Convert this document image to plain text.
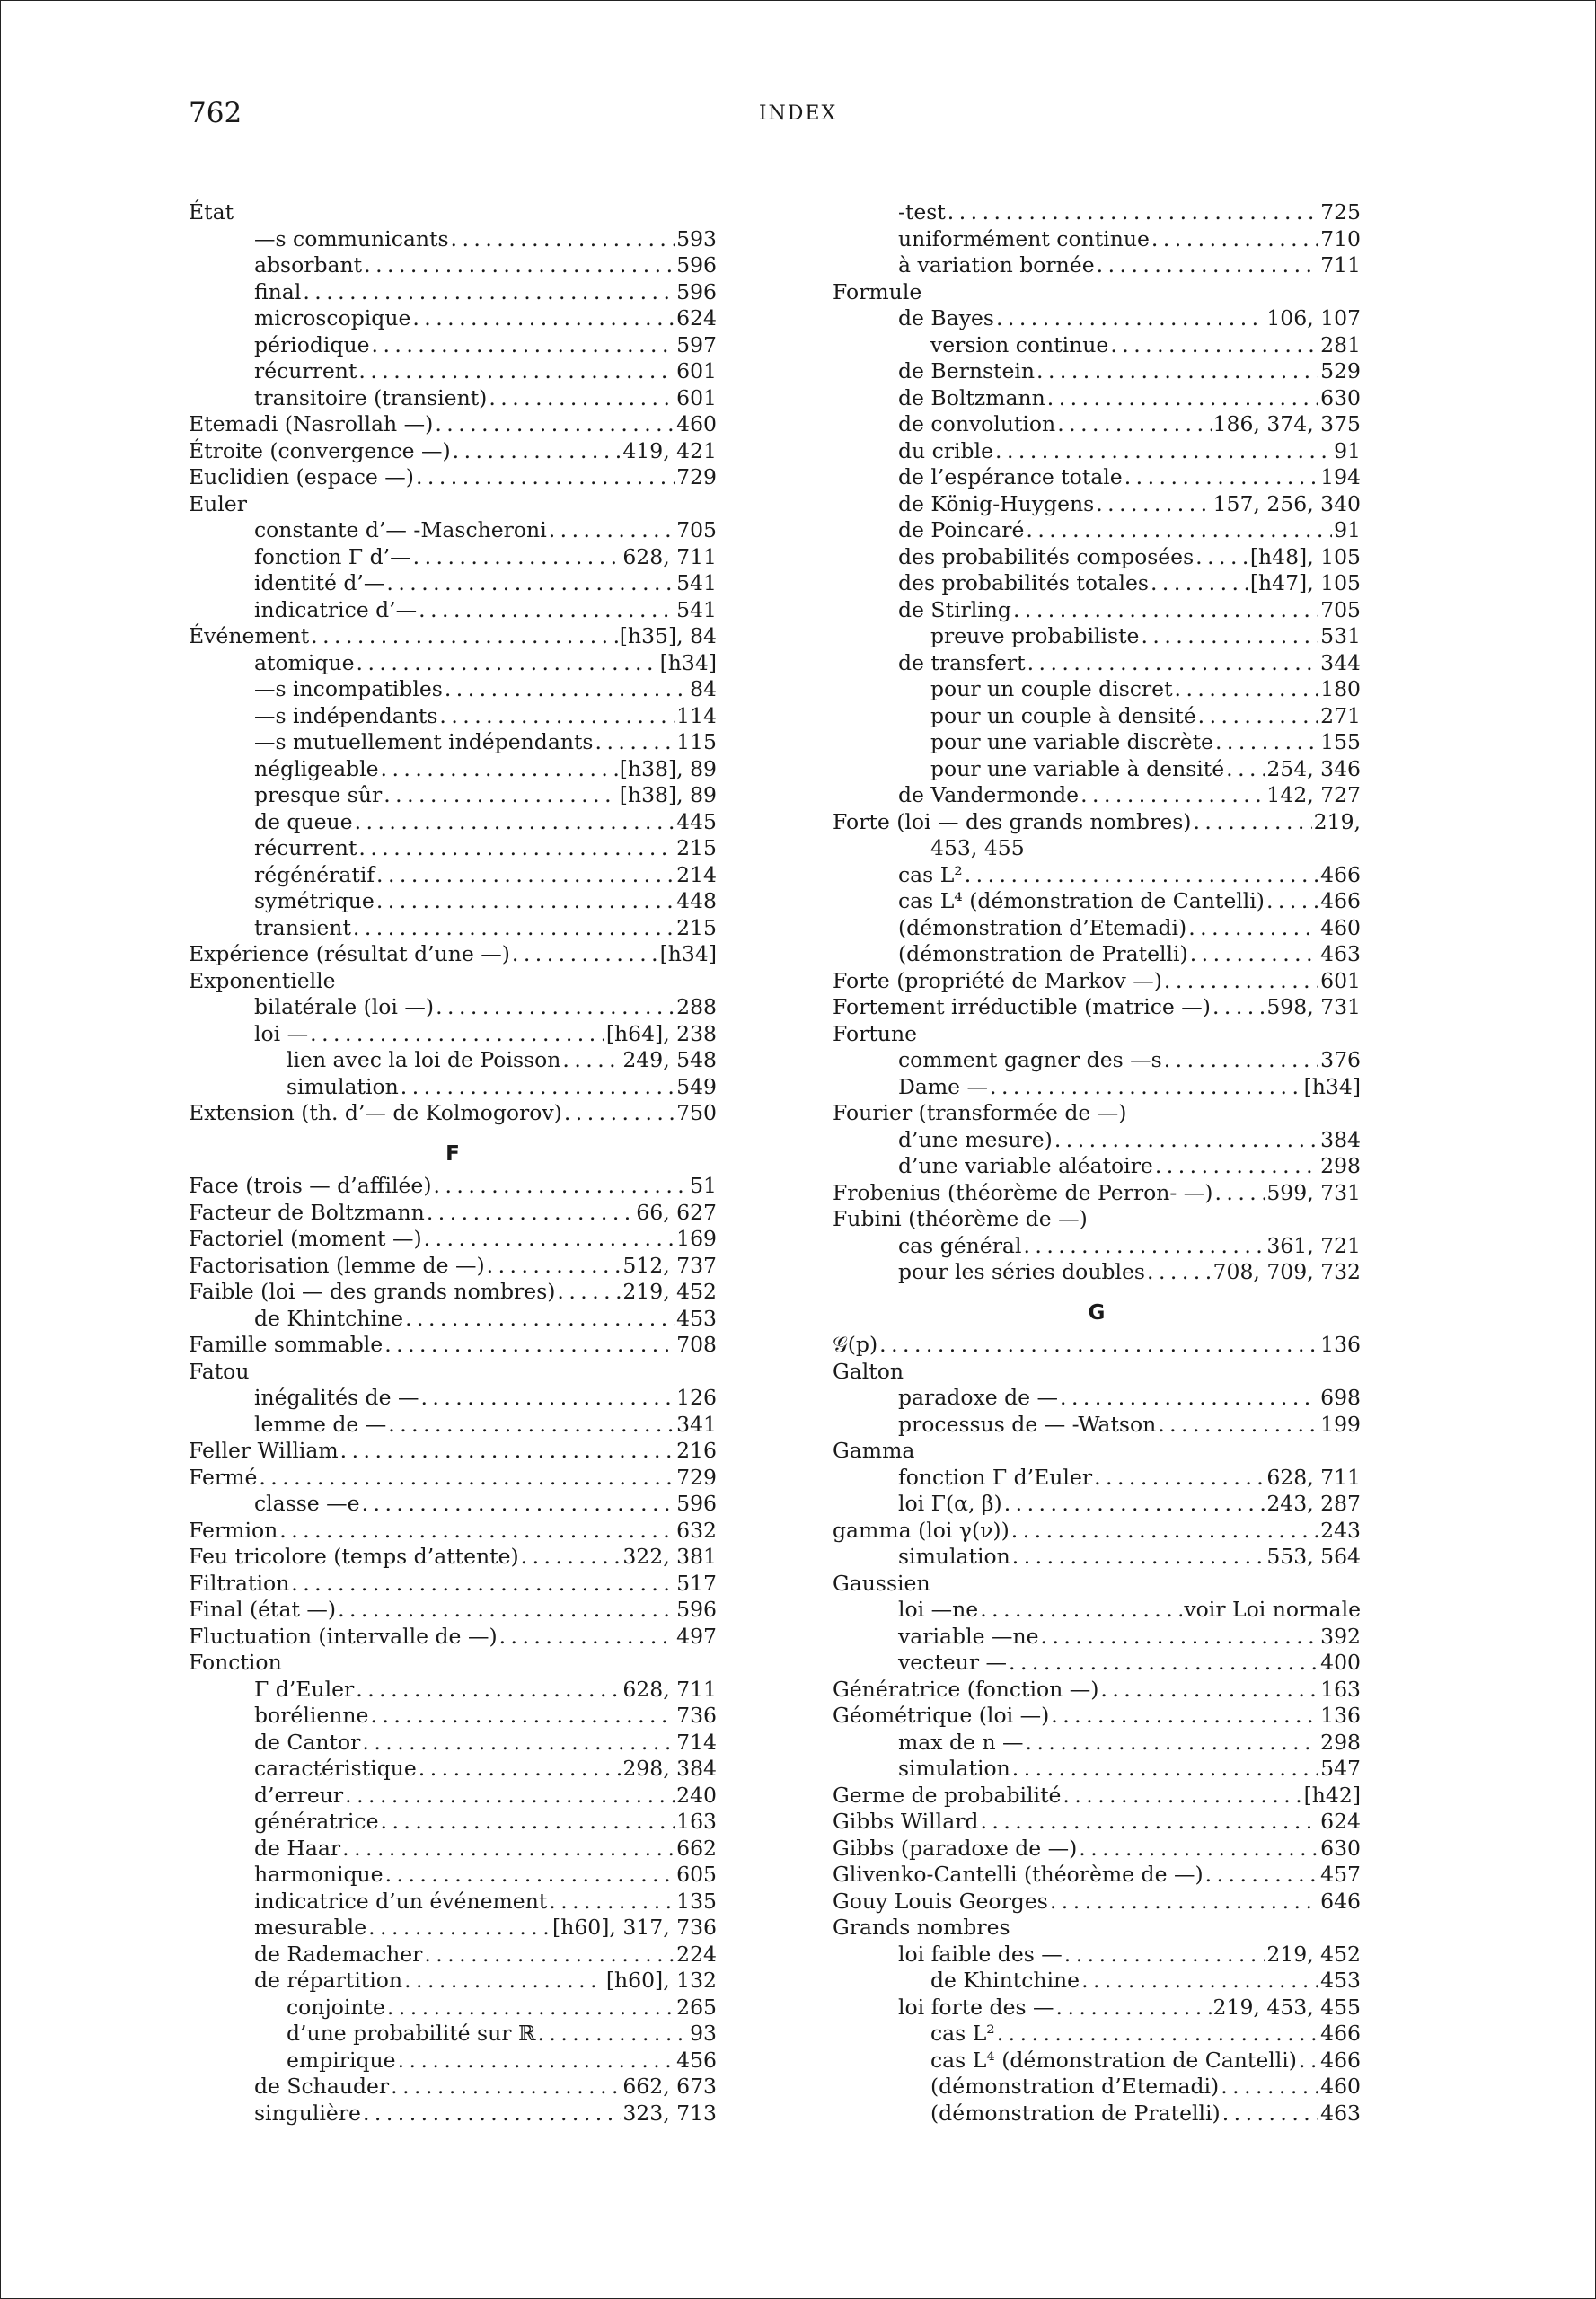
762	INDEX
État
—s communicants . . .	593
absorbant . . .	596
final . . .	596
microscopique . . .	624
périodique . . .	597
récurrent . . .	601
transitoire (transient) . . .	601
Etemadi (Nasrollah —) . . .	460
Étroite (convergence —) . . .	419, 421
Euclidien (espace —) . . .	729
Euler
constante d’— -Mascheroni . . .	705
fonction Γ d’— . . .	628, 711
identité d’— . . .	541
indicatrice d’— . . .	541
Événement . . .	[h35], 84
atomique . . .	[h34]
—s incompatibles . . .	84
—s indépendants . . .	114
—s mutuellement indépendants . . .	115
négligeable . . .	[h38], 89
presque sûr . . .	[h38], 89
de queue . . .	445
récurrent . . .	215
régénératif . . .	214
symétrique . . .	448
transient . . .	215
Expérience (résultat d’une —) . . .	[h34]
Exponentielle
bilatérale (loi —) . . .	288
loi — . . .	[h64], 238
lien avec la loi de Poisson . . .	249, 548
simulation . . .	549
Extension (th. d’— de Kolmogorov) . . .	750
F
Face (trois — d’affilée) . . .	51
Facteur de Boltzmann . . .	66, 627
Factoriel (moment —) . . .	169
Factorisation (lemme de —) . . .	512, 737
Faible (loi — des grands nombres) . . .	219, 452
de Khintchine . . .	453
Famille sommable . . .	708
Fatou
inégalités de — . . .	126
lemme de — . . .	341
Feller William . . .	216
Fermé . . .	729
classe —e . . .	596
Fermion . . .	632
Feu tricolore (temps d’attente) . . .	322, 381
Filtration . . .	517
Final (état —) . . .	596
Fluctuation (intervalle de —) . . .	497
Fonction
Γ d’Euler . . .	628, 711
borélienne . . .	736
de Cantor . . .	714
caractéristique . . .	298, 384
d’erreur . . .	240
génératrice . . .	163
de Haar . . .	662
harmonique . . .	605
indicatrice d’un événement . . .	135
mesurable . . .	[h60], 317, 736
de Rademacher . . .	224
de répartition . . .	[h60], 132
conjointe . . .	265
d’une probabilité sur ℝ . . .	93
empirique . . .	456
de Schauder . . .	662, 673
singulière . . .	323, 713
-test . . .	725
uniformément continue . . .	710
à variation bornée . . .	711
Formule
de Bayes . . .	106, 107
version continue . . .	281
de Bernstein . . .	529
de Boltzmann . . .	630
de convolution . . .	186, 374, 375
du crible . . .	91
de l’espérance totale . . .	194
de König-Huygens . . .	157, 256, 340
de Poincaré . . .	91
des probabilités composées . . .	[h48], 105
des probabilités totales . . .	[h47], 105
de Stirling . . .	705
preuve probabiliste . . .	531
de transfert . . .	344
pour un couple discret . . .	180
pour un couple à densité . . .	271
pour une variable discrète . . .	155
pour une variable à densité . . . 254, 346
de Vandermonde . . .	142, 727
Forte (loi — des grands nombres) . . .	219,
453, 455
cas L² . . .	466
cas L⁴ (démonstration de Cantelli) . . .	466
(démonstration d’Etemadi) . . .	460
(démonstration de Pratelli) . . .	463
Forte (propriété de Markov —) . . .	601
Fortement irréductible (matrice —) . . .	598, 731
Fortune
comment gagner des —s . . .	376
Dame — . . .	[h34]
Fourier (transformée de —)
d’une mesure) . . .	384
d’une variable aléatoire . . .	298
Frobenius (théorème de Perron- —) . . .	599, 731
Fubini (théorème de —)
cas général . . .	361, 721
pour les séries doubles . . .	708, 709, 732
G
𝒢(p) . . .	136
Galton
paradoxe de — . . .	698
processus de — -Watson . . .	199
Gamma
fonction Γ d’Euler . . .	628, 711
loi Γ(α, β) . . .	243, 287
gamma (loi γ(ν)) . . .	243
simulation . . .	553, 564
Gaussien
loi —ne . . .	voir Loi normale
variable —ne . . .	392
vecteur — . . .	400
Génératrice (fonction —) . . .	163
Géométrique (loi —) . . .	136
max de n — . . .	298
simulation . . .	547
Germe de probabilité . . .	[h42]
Gibbs Willard . . .	624
Gibbs (paradoxe de —) . . .	630
Glivenko-Cantelli (théorème de —) . . .	457
Gouy Louis Georges . . .	646
Grands nombres
loi faible des — . . .	219, 452
de Khintchine . . .	453
loi forte des — . . .	219, 453, 455
cas L² . . .	466
cas L⁴ (démonstration de Cantelli) . . . 466
(démonstration d’Etemadi) . . .	460
(démonstration de Pratelli) . . .	463
